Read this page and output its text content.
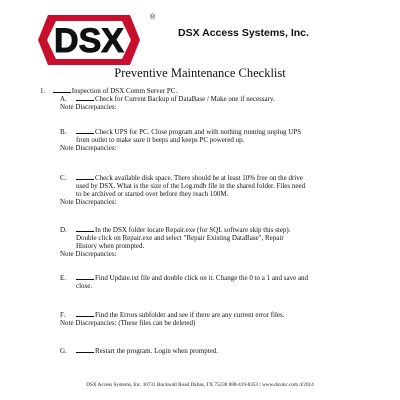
DSX
®
DSX Access Systems, Inc.
Preventive Maintenance Checklist
1.	Inspection of DSX Comm Server PC.
A.	Check for Current Backup of DataBase / Make one if necessary.
Note Discrepancies:
B.	Check UPS for PC. Close program and with nothing running unplug UPS
from outlet to make sure it beeps and keeps PC powered up.
Note Discrepancies:
C.	Check available disk space. There should be at least 10% free on the drive
used by DSX. What is the size of the Log.mdb file in the shared folder. Files need
to be archived or started over before they reach 100M.
Note Discrepancies:
D.	In the DSX folder locate Repair.exe (for SQL software skip this step).
Double click on Repair.exe and select "Repair Existing DataBase", Repair
History when prompted.
Note Discrepancies:
E.	Find Update.txt file and double click on it. Change the 0 to a 1 and save and
close.
F.	Find the Errors subfolder and see if there are any current error files.
Note Discrepancies: (These files can be deleted)
G.	Restart the program. Login when prompted.
DSX Access Systems, Inc. 10731 Rockwall Road Dallas, TX 75238 888-419-8353 / www.dsxinc.com 4/2014
